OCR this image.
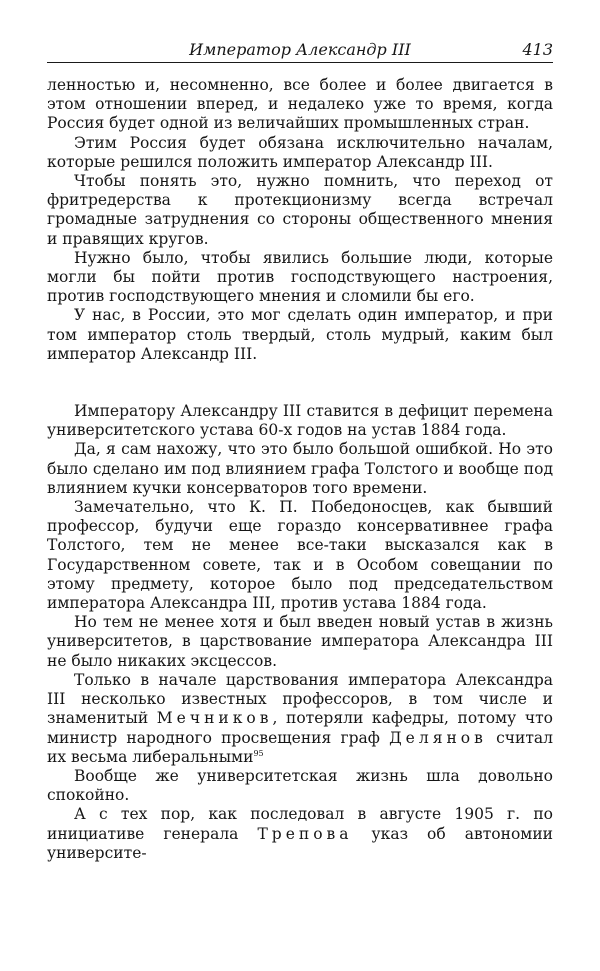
Император Александр III	413

ленностью и, несомненно, все более и более двигается в этом отношении вперед, и недалеко уже то время, когда Россия будет одной из величайших промышленных стран.

Этим Россия будет обязана исключительно началам, которые решился положить император Александр III.

Чтобы понять это, нужно помнить, что переход от фритредерства к протекционизму всегда встречал громадные затруднения со стороны общественного мнения и правящих кругов.

Нужно было, чтобы явились большие люди, которые могли бы пойти против господствующего настроения, против господствующего мнения и сломили бы его.

У нас, в России, это мог сделать один император, и при том император столь твердый, столь мудрый, каким был император Александр III.

Императору Александру III ставится в дефицит перемена университетского устава 60-х годов на устав 1884 года.

Да, я сам нахожу, что это было большой ошибкой. Но это было сделано им под влиянием графа Толстого и вообще под влиянием кучки консерваторов того времени.

Замечательно, что К. П. Победоносцев, как бывший профессор, будучи еще гораздо консервативнее графа Толстого, тем не менее все-таки высказался как в Государственном совете, так и в Особом совещании по этому предмету, которое было под председательством императора Александра III, против устава 1884 года.

Но тем не менее хотя и был введен новый устав в жизнь университетов, в царствование императора Александра III не было никаких эксцессов.

Только в начале царствования императора Александра III несколько известных профессоров, в том числе и знаменитый Мечников, потеряли кафедры, потому что министр народного просвещения граф Делянов считал их весьма либеральными$^{95}$

Вообще же университетская жизнь шла довольно спокойно.

А с тех пор, как последовал в августе 1905 г. по инициативе генерала Трепова указ об автономии университе-
